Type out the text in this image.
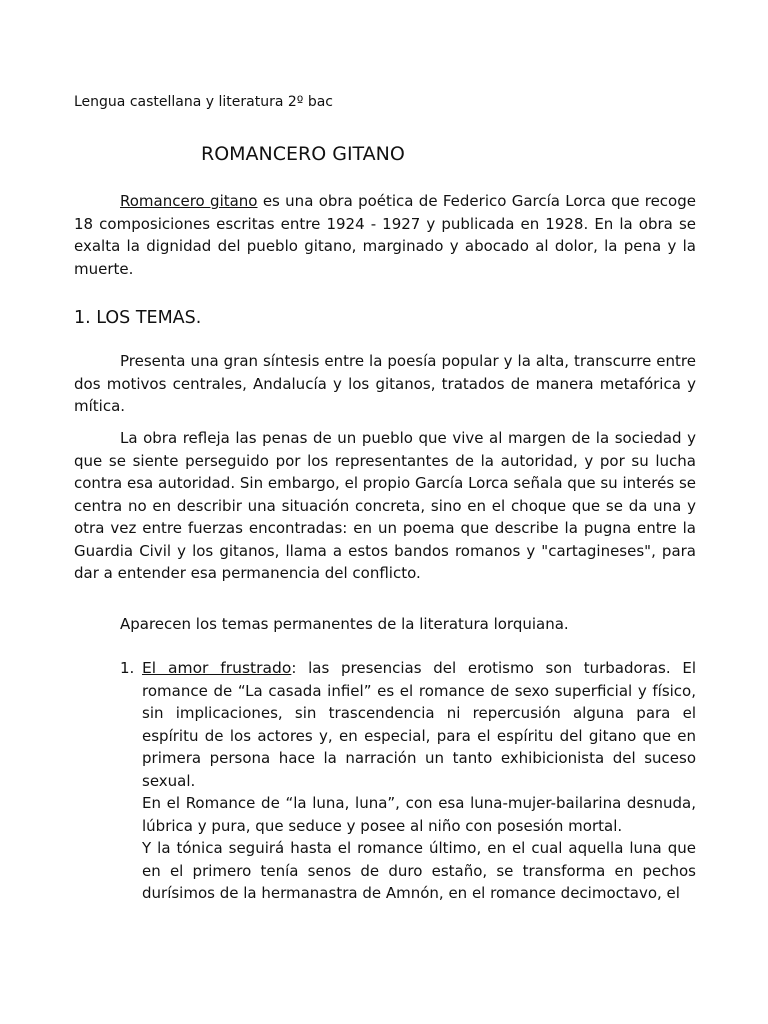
Lengua castellana y literatura 2º bac

ROMANCERO GITANO

Romancero gitano es una obra poética de Federico García Lorca que recoge 18 composiciones escritas entre 1924 - 1927 y publicada en 1928. En la obra se exalta la dignidad del pueblo gitano, marginado y abocado al dolor, la pena y la muerte.

1. LOS TEMAS.

Presenta una gran síntesis entre la poesía popular y la alta, transcurre entre dos motivos centrales, Andalucía y los gitanos, tratados de manera metafórica y mítica.

La obra refleja las penas de un pueblo que vive al margen de la sociedad y que se siente perseguido por los representantes de la autoridad, y por su lucha contra esa autoridad. Sin embargo, el propio García Lorca señala que su interés se centra no en describir una situación concreta, sino en el choque que se da una y otra vez entre fuerzas encontradas: en un poema que describe la pugna entre la Guardia Civil y los gitanos, llama a estos bandos romanos y "cartagineses", para dar a entender esa permanencia del conflicto.

Aparecen los temas permanentes de la literatura lorquiana.

1. El amor frustrado: las presencias del erotismo son turbadoras. El romance de “La casada infiel” es el romance de sexo superficial y físico, sin implicaciones, sin trascendencia ni repercusión alguna para el espíritu de los actores y, en especial, para el espíritu del gitano que en primera persona hace la narración un tanto exhibicionista del suceso sexual.

En el Romance de “la luna, luna”, con esa luna-mujer-bailarina desnuda, lúbrica y pura, que seduce y posee al niño con posesión mortal.

Y la tónica seguirá hasta el romance último, en el cual aquella luna que en el primero tenía senos de duro estaño, se transforma en pechos durísimos de la hermanastra de Amnón, en el romance decimoctavo, el
